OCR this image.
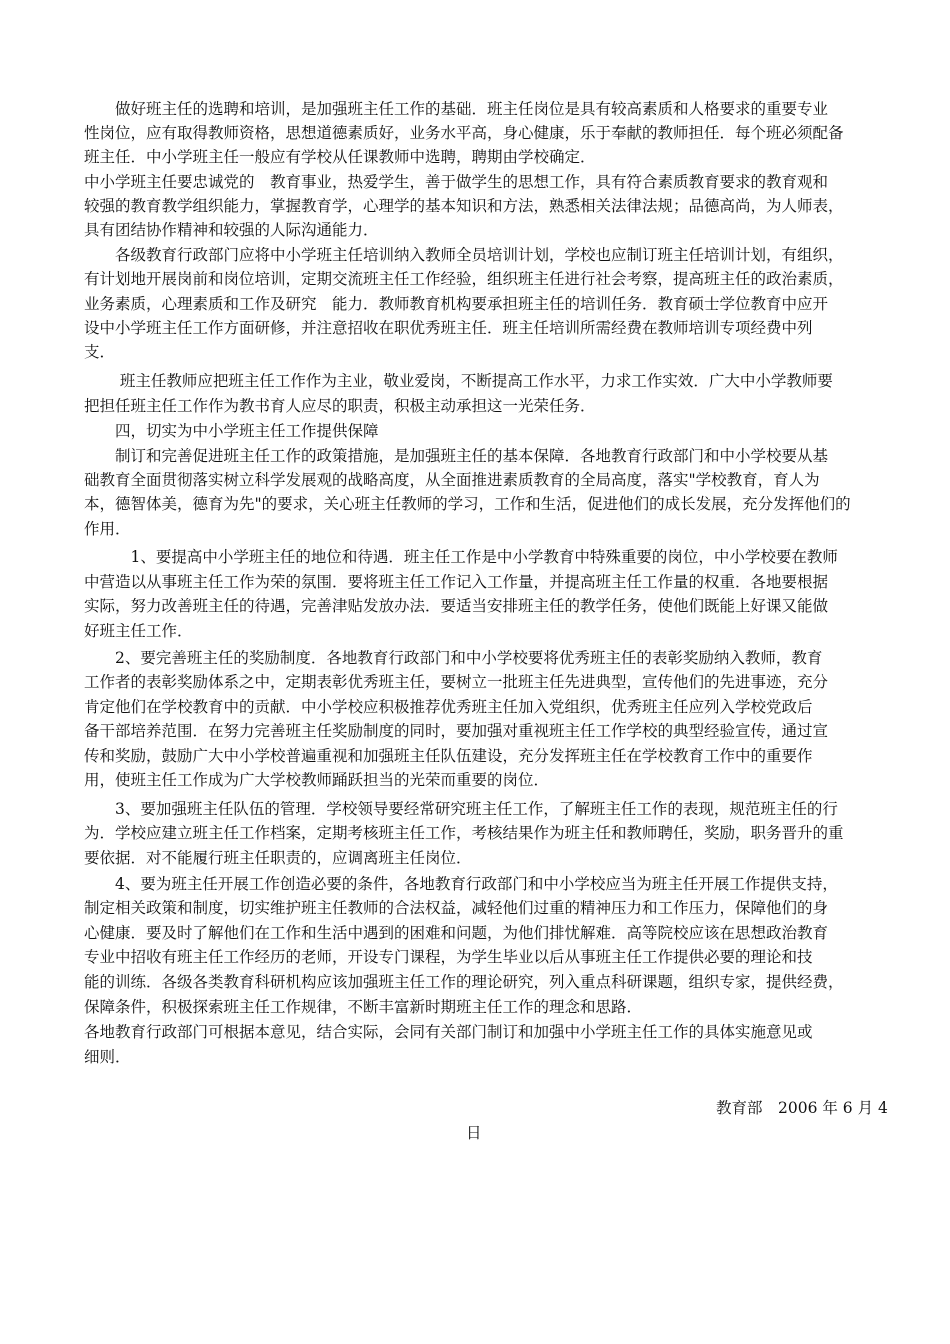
　　做好班主任的选聘和培训，是加强班主任工作的基础．班主任岗位是具有较高素质和人格要求的重要专业
性岗位，应有取得教师资格，思想道德素质好，业务水平高，身心健康，乐于奉献的教师担任．每个班必须配备
班主任．中小学班主任一般应有学校从任课教师中选聘，聘期由学校确定．
中小学班主任要忠诚党的　教育事业，热爱学生，善于做学生的思想工作，具有符合素质教育要求的教育观和
较强的教育教学组织能力，掌握教育学，心理学的基本知识和方法，熟悉相关法律法规；品德高尚，为人师表，
具有团结协作精神和较强的人际沟通能力．
　　各级教育行政部门应将中小学班主任培训纳入教师全员培训计划，学校也应制订班主任培训计划，有组织，
有计划地开展岗前和岗位培训，定期交流班主任工作经验，组织班主任进行社会考察，提高班主任的政治素质，
业务素质，心理素质和工作及研究　能力．教师教育机构要承担班主任的培训任务．教育硕士学位教育中应开
设中小学班主任工作方面研修，并注意招收在职优秀班主任．班主任培训所需经费在教师培训专项经费中列
支．
　　 班主任教师应把班主任工作作为主业，敬业爱岗，不断提高工作水平，力求工作实效．广大中小学教师要
把担任班主任工作作为教书育人应尽的职责，积极主动承担这一光荣任务．
　　四，切实为中小学班主任工作提供保障
　　制订和完善促进班主任工作的政策措施，是加强班主任的基本保障．各地教育行政部门和中小学校要从基
础教育全面贯彻落实树立科学发展观的战略高度，从全面推进素质教育的全局高度，落实"学校教育，育人为
本，德智体美，德育为先"的要求，关心班主任教师的学习，工作和生活，促进他们的成长发展，充分发挥他们的
作用．
　　　1、要提高中小学班主任的地位和待遇．班主任工作是中小学教育中特殊重要的岗位，中小学校要在教师
中营造以从事班主任工作为荣的氛围．要将班主任工作记入工作量，并提高班主任工作量的权重．各地要根据
实际，努力改善班主任的待遇，完善津贴发放办法．要适当安排班主任的教学任务，使他们既能上好课又能做
好班主任工作．
　　2、要完善班主任的奖励制度．各地教育行政部门和中小学校要将优秀班主任的表彰奖励纳入教师，教育
工作者的表彰奖励体系之中，定期表彰优秀班主任，要树立一批班主任先进典型，宣传他们的先进事迹，充分
肯定他们在学校教育中的贡献．中小学校应积极推荐优秀班主任加入党组织，优秀班主任应列入学校党政后
备干部培养范围．在努力完善班主任奖励制度的同时，要加强对重视班主任工作学校的典型经验宣传，通过宣
传和奖励，鼓励广大中小学校普遍重视和加强班主任队伍建设，充分发挥班主任在学校教育工作中的重要作
用，使班主任工作成为广大学校教师踊跃担当的光荣而重要的岗位．
　　3、要加强班主任队伍的管理．学校领导要经常研究班主任工作，了解班主任工作的表现，规范班主任的行
为．学校应建立班主任工作档案，定期考核班主任工作，考核结果作为班主任和教师聘任，奖励，职务晋升的重
要依据．对不能履行班主任职责的，应调离班主任岗位．
　　4、要为班主任开展工作创造必要的条件，各地教育行政部门和中小学校应当为班主任开展工作提供支持，
制定相关政策和制度，切实维护班主任教师的合法权益，减轻他们过重的精神压力和工作压力，保障他们的身
心健康．要及时了解他们在工作和生活中遇到的困难和问题，为他们排忧解难．高等院校应该在思想政治教育
专业中招收有班主任工作经历的老师，开设专门课程，为学生毕业以后从事班主任工作提供必要的理论和技
能的训练．各级各类教育科研机构应该加强班主任工作的理论研究，列入重点科研课题，组织专家，提供经费，
保障条件，积极探索班主任工作规律，不断丰富新时期班主任工作的理念和思路．
各地教育行政部门可根据本意见，结合实际，会同有关部门制订和加强中小学班主任工作的具体实施意见或
细则．
教育部　2006 年 6 月 4
日
